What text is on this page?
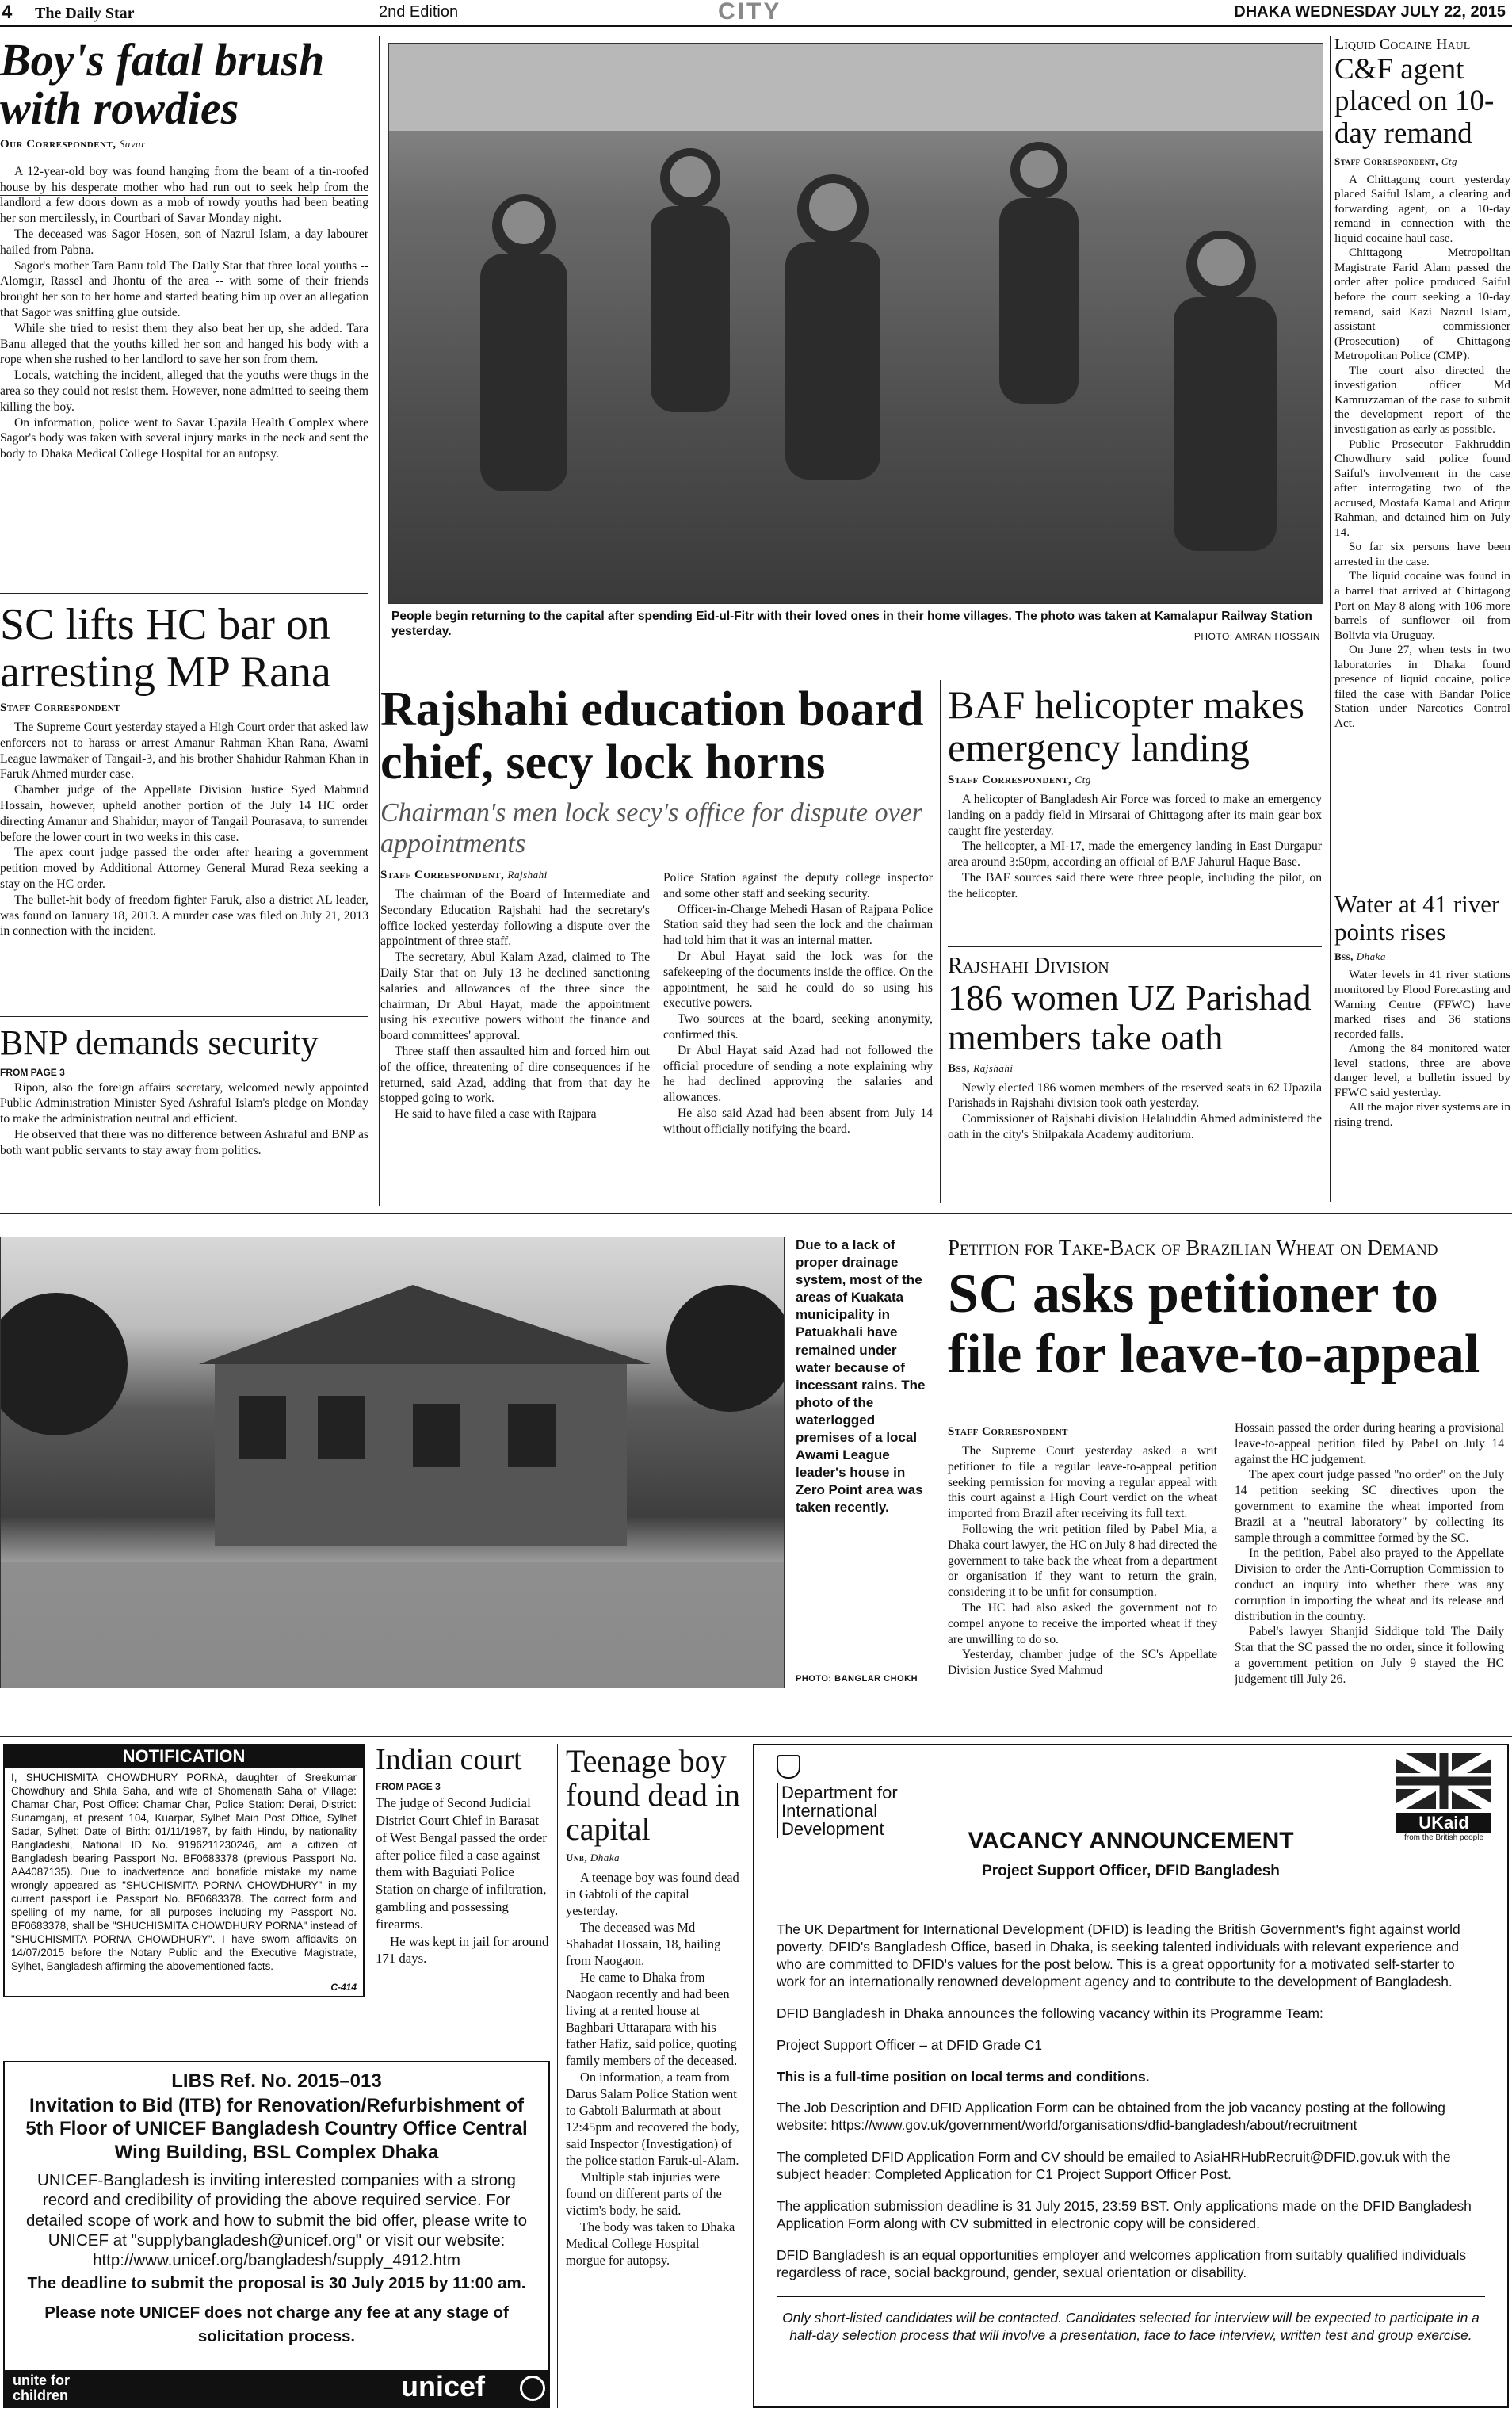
4 The Daily Star	2nd Edition	CITY	DHAKA WEDNESDAY JULY 22, 2015
Boy's fatal brush with rowdies
Our Correspondent, Savar

A 12-year-old boy was found hanging from the beam of a tin-roofed house by his desperate mother who had run out to seek help from the landlord a few doors down as a mob of rowdy youths had been beating her son mercilessly, in Courtbari of Savar Monday night.

The deceased was Sagor Hosen, son of Nazrul Islam, a day labourer hailed from Pabna.

Sagor's mother Tara Banu told The Daily Star that three local youths -- Alomgir, Rassel and Jhontu of the area -- with some of their friends brought her son to her home and started beating him up over an allegation that Sagor was sniffing glue outside.

While she tried to resist them they also beat her up, she added. Tara Banu alleged that the youths killed her son and hanged his body with a rope when she rushed to her landlord to save her son from them.

Locals, watching the incident, alleged that the youths were thugs in the area so they could not resist them. However, none admitted to seeing them killing the boy.

On information, police went to Savar Upazila Health Complex where Sagor's body was taken with several injury marks in the neck and sent the body to Dhaka Medical College Hospital for an autopsy.

SC lifts HC bar on arresting MP Rana
Staff Correspondent

The Supreme Court yesterday stayed a High Court order that asked law enforcers not to harass or arrest Amanur Rahman Khan Rana, Awami League lawmaker of Tangail-3, and his brother Shahidur Rahman Khan in Faruk Ahmed murder case.

Chamber judge of the Appellate Division Justice Syed Mahmud Hossain, however, upheld another portion of the July 14 HC order directing Amanur and Shahidur, mayor of Tangail Pourasava, to surrender before the lower court in two weeks in this case.

The apex court judge passed the order after hearing a government petition moved by Additional Attorney General Murad Reza seeking a stay on the HC order.

The bullet-hit body of freedom fighter Faruk, also a district AL leader, was found on January 18, 2013. A murder case was filed on July 21, 2013 in connection with the incident.

BNP demands security
FROM PAGE 3

Ripon, also the foreign affairs secretary, welcomed newly appointed Public Administration Minister Syed Ashraful Islam's pledge on Monday to make the administration neutral and efficient.

He observed that there was no difference between Ashraful and BNP as both want public servants to stay away from politics.

People begin returning to the capital after spending Eid-ul-Fitr with their loved ones in their home villages. The photo was taken at Kamalapur Railway Station yesterday.	PHOTO: AMRAN HOSSAIN
Rajshahi education board chief, secy lock horns
Chairman's men lock secy's office for dispute over appointments
Staff Correspondent, Rajshahi

The chairman of the Board of Intermediate and Secondary Education Rajshahi had the secretary's office locked yesterday following a dispute over the appointment of three staff.

The secretary, Abul Kalam Azad, claimed to The Daily Star that on July 13 he declined sanctioning salaries and allowances of the three since the chairman, Dr Abul Hayat, made the appointment using his executive powers without the finance and board committees' approval.

Three staff then assaulted him and forced him out of the office, threatening of dire consequences if he returned, said Azad, adding that from that day he stopped going to work.

He said to have filed a case with Rajpara

Police Station against the deputy college inspector and some other staff and seeking security.

Officer-in-Charge Mehedi Hasan of Rajpara Police Station said they had seen the lock and the chairman had told him that it was an internal matter.

Dr Abul Hayat said the lock was for the safekeeping of the documents inside the office. On the appointment, he said he could do so using his executive powers.

Two sources at the board, seeking anonymity, confirmed this.

Dr Abul Hayat said Azad had not followed the official procedure of sending a note explaining why he had declined approving the salaries and allowances.

He also said Azad had been absent from July 14 without officially notifying the board.

BAF helicopter makes emergency landing
Staff Correspondent, Ctg

A helicopter of Bangladesh Air Force was forced to make an emergency landing on a paddy field in Mirsarai of Chittagong after its main gear box caught fire yesterday.

The helicopter, a MI-17, made the emergency landing in East Durgapur area around 3:50pm, according an official of BAF Jahurul Haque Base.

The BAF sources said there were three people, including the pilot, on the helicopter.

Rajshahi Division
186 women UZ Parishad members take oath
Bss, Rajshahi

Newly elected 186 women members of the reserved seats in 62 Upazila Parishads in Rajshahi division took oath yesterday.

Commissioner of Rajshahi division Helaluddin Ahmed administered the oath in the city's Shilpakala Academy auditorium.

Liquid Cocaine Haul
C&F agent placed on 10-day remand
Staff Correspondent, Ctg

A Chittagong court yesterday placed Saiful Islam, a clearing and forwarding agent, on a 10-day remand in connection with the liquid cocaine haul case.

Chittagong Metropolitan Magistrate Farid Alam passed the order after police produced Saiful before the court seeking a 10-day remand, said Kazi Nazrul Islam, assistant commissioner (Prosecution) of Chittagong Metropolitan Police (CMP).

The court also directed the investigation officer Md Kamruzzaman of the case to submit the development report of the investigation as early as possible.

Public Prosecutor Fakhruddin Chowdhury said police found Saiful's involvement in the case after interrogating two of the accused, Mostafa Kamal and Atiqur Rahman, and detained him on July 14.

So far six persons have been arrested in the case.

The liquid cocaine was found in a barrel that arrived at Chittagong Port on May 8 along with 106 more barrels of sunflower oil from Bolivia via Uruguay.

On June 27, when tests in two laboratories in Dhaka found presence of liquid cocaine, police filed the case with Bandar Police Station under Narcotics Control Act.

Water at 41 river points rises
Bss, Dhaka

Water levels in 41 river stations monitored by Flood Forecasting and Warning Centre (FFWC) have marked rises and 36 stations recorded falls.

Among the 84 monitored water level stations, three are above danger level, a bulletin issued by FFWC said yesterday.

All the major river systems are in rising trend.

Due to a lack of proper drainage system, most of the areas of Kuakata municipality in Patuakhali have remained under water because of incessant rains. The photo of the waterlogged premises of a local Awami League leader's house in Zero Point area was taken recently.
PHOTO: BANGLAR CHOKH
Petition for Take-Back of Brazilian Wheat on Demand
SC asks petitioner to file for leave-to-appeal
Staff Correspondent

The Supreme Court yesterday asked a writ petitioner to file a regular leave-to-appeal petition seeking permission for moving a regular appeal with this court against a High Court verdict on the wheat imported from Brazil after receiving its full text.

Following the writ petition filed by Pabel Mia, a Dhaka court lawyer, the HC on July 8 had directed the government to take back the wheat from a department or organisation if they want to return the grain, considering it to be unfit for consumption.

The HC had also asked the government not to compel anyone to receive the imported wheat if they are unwilling to do so.

Yesterday, chamber judge of the SC's Appellate Division Justice Syed Mahmud

Hossain passed the order during hearing a provisional leave-to-appeal petition filed by Pabel on July 14 against the HC judgement.

The apex court judge passed "no order" on the July 14 petition seeking SC directives upon the government to examine the wheat imported from Brazil at a "neutral laboratory" by collecting its sample through a committee formed by the SC.

In the petition, Pabel also prayed to the Appellate Division to order the Anti-Corruption Commission to conduct an inquiry into whether there was any corruption in importing the wheat and its release and distribution in the country.

Pabel's lawyer Shanjid Siddique told The Daily Star that the SC passed the no order, since it following a government petition on July 9 stayed the HC judgement till July 26.

NOTIFICATION
I, SHUCHISMITA CHOWDHURY PORNA, daughter of Sreekumar Chowdhury and Shila Saha, and wife of Shomenath Saha of Village: Chamar Char, Post Office: Chamar Char, Police Station: Derai, District: Sunamganj, at present 104, Kuarpar, Sylhet Main Post Office, Sylhet Sadar, Sylhet: Date of Birth: 01/11/1987, by faith Hindu, by nationality Bangladeshi, National ID No. 9196211230246, am a citizen of Bangladesh bearing Passport No. BF0683378 (previous Passport No. AA4087135). Due to inadvertence and bonafide mistake my name wrongly appeared as "SHUCHISMITA PORNA CHOWDHURY" in my current passport i.e. Passport No. BF0683378. The correct form and spelling of my name, for all purposes including my Passport No. BF0683378, shall be "SHUCHISMITA CHOWDHURY PORNA" instead of "SHUCHISMITA PORNA CHOWDHURY". I have sworn affidavits on 14/07/2015 before the Notary Public and the Executive Magistrate, Sylhet, Bangladesh affirming the abovementioned facts.
C-414
Indian court
FROM PAGE 3

The judge of Second Judicial District Court Chief in Barasat of West Bengal passed the order after police filed a case against them with Baguiati Police Station on charge of infiltration, gambling and possessing firearms.

He was kept in jail for around 171 days.

Teenage boy found dead in capital
Unb, Dhaka

A teenage boy was found dead in Gabtoli of the capital yesterday.

The deceased was Md Shahadat Hossain, 18, hailing from Naogaon.

He came to Dhaka from Naogaon recently and had been living at a rented house at Baghbari Uttarapara with his father Hafiz, said police, quoting family members of the deceased.

On information, a team from Darus Salam Police Station went to Gabtoli Balurmath at about 12:45pm and recovered the body, said Inspector (Investigation) of the police station Faruk-ul-Alam.

Multiple stab injuries were found on different parts of the victim's body, he said.

The body was taken to Dhaka Medical College Hospital morgue for autopsy.

LIBS Ref. No. 2015–013
Invitation to Bid (ITB) for Renovation/Refurbishment of 5th Floor of UNICEF Bangladesh Country Office Central Wing Building, BSL Complex Dhaka
UNICEF-Bangladesh is inviting interested companies with a strong record and credibility of providing the above required service. For detailed scope of work and how to submit the bid offer, please write to UNICEF at "supplybangladesh@unicef.org" or visit our website: http://www.unicef.org/bangladesh/supply_4912.htm
The deadline to submit the proposal is 30 July 2015 by 11:00 am.
Please note UNICEF does not charge any fee at any stage of solicitation process.
unite for children	unicef
Department for International Development	VACANCY ANNOUNCEMENT
Project Support Officer, DFID Bangladesh
UKaid
from the British people
The UK Department for International Development (DFID) is leading the British Government's fight against world poverty. DFID's Bangladesh Office, based in Dhaka, is seeking talented individuals with relevant experience and who are committed to DFID's values for the post below. This is a great opportunity for a motivated self-starter to work for an internationally renowned development agency and to contribute to the development of Bangladesh.
DFID Bangladesh in Dhaka announces the following vacancy within its Programme Team:
Project Support Officer – at DFID Grade C1
This is a full-time position on local terms and conditions.
The Job Description and DFID Application Form can be obtained from the job vacancy posting at the following website: https://www.gov.uk/government/world/organisations/dfid-bangladesh/about/recruitment
The completed DFID Application Form and CV should be emailed to AsiaHRHubRecruit@DFID.gov.uk with the subject header: Completed Application for C1 Project Support Officer Post.
The application submission deadline is 31 July 2015, 23:59 BST. Only applications made on the DFID Bangladesh Application Form along with CV submitted in electronic copy will be considered.
DFID Bangladesh is an equal opportunities employer and welcomes application from suitably qualified individuals regardless of race, social background, gender, sexual orientation or disability.
Only short-listed candidates will be contacted. Candidates selected for interview will be expected to participate in a half-day selection process that will involve a presentation, face to face interview, written test and group exercise.
